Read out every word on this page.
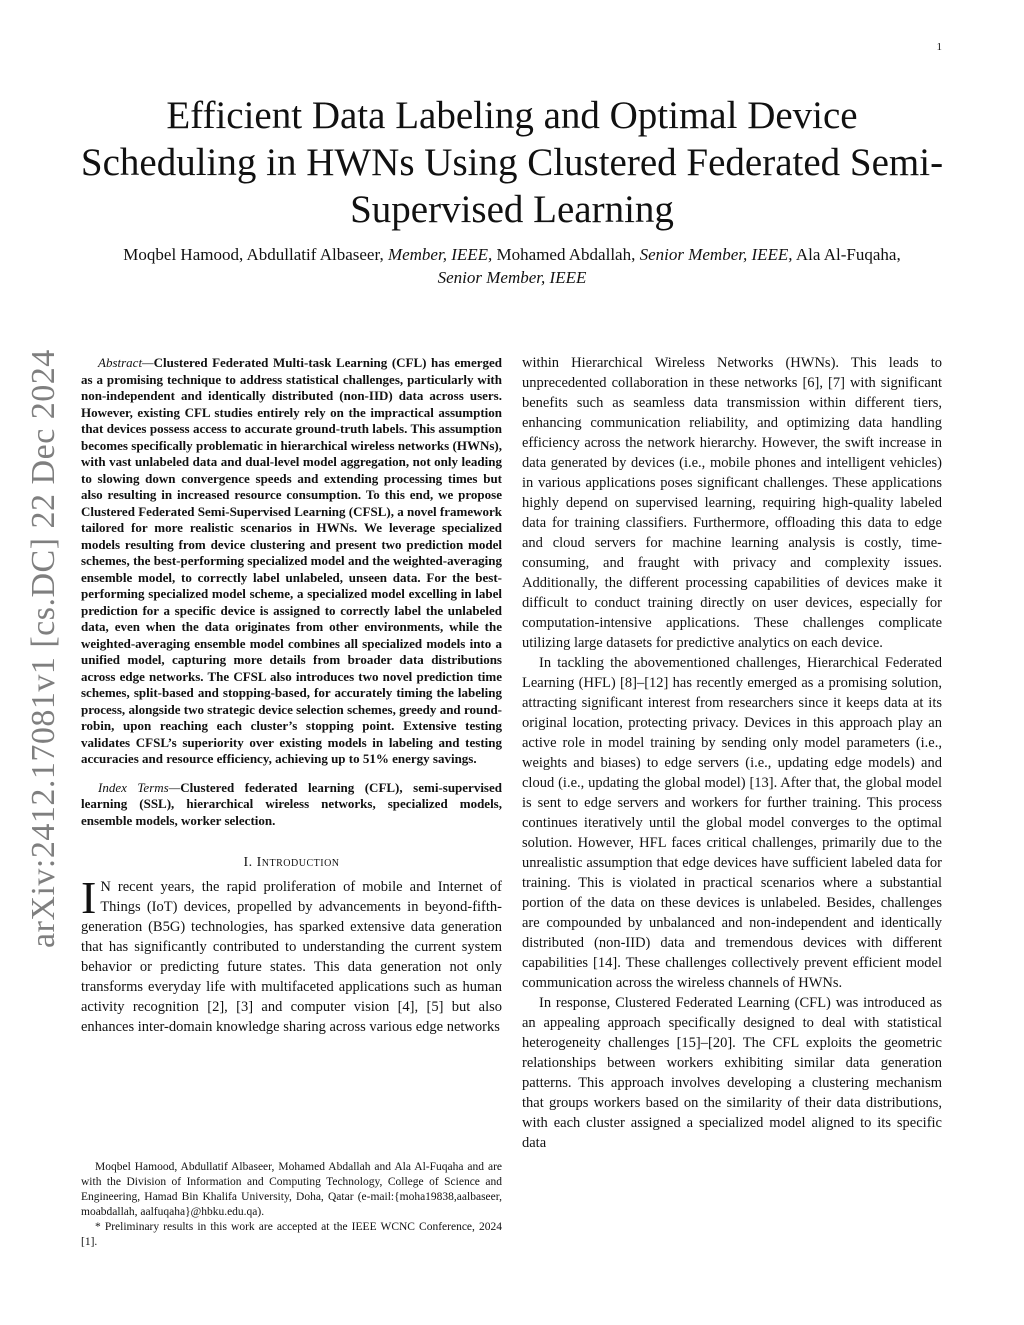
1
arXiv:2412.17081v1 [cs.DC] 22 Dec 2024
Efficient Data Labeling and Optimal Device Scheduling in HWNs Using Clustered Federated Semi-Supervised Learning
Moqbel Hamood, Abdullatif Albaseer, Member, IEEE, Mohamed Abdallah, Senior Member, IEEE, Ala Al-Fuqaha, Senior Member, IEEE

Abstract—Clustered Federated Multi-task Learning (CFL) has emerged as a promising technique to address statistical challenges, particularly with non-independent and identically distributed (non-IID) data across users. However, existing CFL studies entirely rely on the impractical assumption that devices possess access to accurate ground-truth labels. This assumption becomes specifically problematic in hierarchical wireless networks (HWNs), with vast unlabeled data and dual-level model aggregation, not only leading to slowing down convergence speeds and extending processing times but also resulting in increased resource consumption. To this end, we propose Clustered Federated Semi-Supervised Learning (CFSL), a novel framework tailored for more realistic scenarios in HWNs. We leverage specialized models resulting from device clustering and present two prediction model schemes, the best-performing specialized model and the weighted-averaging ensemble model, to correctly label unlabeled, unseen data. For the best-performing specialized model scheme, a specialized model excelling in label prediction for a specific device is assigned to correctly label the unlabeled data, even when the data originates from other environments, while the weighted-averaging ensemble model combines all specialized models into a unified model, capturing more details from broader data distributions across edge networks. The CFSL also introduces two novel prediction time schemes, split-based and stopping-based, for accurately timing the labeling process, alongside two strategic device selection schemes, greedy and round-robin, upon reaching each cluster’s stopping point. Extensive testing validates CFSL’s superiority over existing models in labeling and testing accuracies and resource efficiency, achieving up to 51% energy savings.

Index Terms—Clustered federated learning (CFL), semi-supervised learning (SSL), hierarchical wireless networks, specialized models, ensemble models, worker selection.

I. Introduction

I N recent years, the rapid proliferation of mobile and Internet of Things (IoT) devices, propelled by advancements in beyond-fifth-generation (B5G) technologies, has sparked extensive data generation that has significantly contributed to understanding the current system behavior or predicting future states. This data generation not only transforms everyday life with multifaceted applications such as human activity recognition [2], [3] and computer vision [4], [5] but also enhances inter-domain knowledge sharing across various edge networks

Moqbel Hamood, Abdullatif Albaseer, Mohamed Abdallah and Ala Al-Fuqaha and are with the Division of Information and Computing Technology, College of Science and Engineering, Hamad Bin Khalifa University, Doha, Qatar (e-mail:{moha19838,aalbaseer, moabdallah, aalfuqaha}@hbku.edu.qa).

* Preliminary results in this work are accepted at the IEEE WCNC Conference, 2024 [1].

within Hierarchical Wireless Networks (HWNs). This leads to unprecedented collaboration in these networks [6], [7] with significant benefits such as seamless data transmission within different tiers, enhancing communication reliability, and optimizing data handling efficiency across the network hierarchy. However, the swift increase in data generated by devices (i.e., mobile phones and intelligent vehicles) in various applications poses significant challenges. These applications highly depend on supervised learning, requiring high-quality labeled data for training classifiers. Furthermore, offloading this data to edge and cloud servers for machine learning analysis is costly, time-consuming, and fraught with privacy and complexity issues. Additionally, the different processing capabilities of devices make it difficult to conduct training directly on user devices, especially for computation-intensive applications. These challenges complicate utilizing large datasets for predictive analytics on each device.

In tackling the abovementioned challenges, Hierarchical Federated Learning (HFL) [8]–[12] has recently emerged as a promising solution, attracting significant interest from researchers since it keeps data at its original location, protecting privacy. Devices in this approach play an active role in model training by sending only model parameters (i.e., weights and biases) to edge servers (i.e., updating edge models) and cloud (i.e., updating the global model) [13]. After that, the global model is sent to edge servers and workers for further training. This process continues iteratively until the global model converges to the optimal solution. However, HFL faces critical challenges, primarily due to the unrealistic assumption that edge devices have sufficient labeled data for training. This is violated in practical scenarios where a substantial portion of the data on these devices is unlabeled. Besides, challenges are compounded by unbalanced and non-independent and identically distributed (non-IID) data and tremendous devices with different capabilities [14]. These challenges collectively prevent efficient model communication across the wireless channels of HWNs.

In response, Clustered Federated Learning (CFL) was introduced as an appealing approach specifically designed to deal with statistical heterogeneity challenges [15]–[20]. The CFL exploits the geometric relationships between workers exhibiting similar data generation patterns. This approach involves developing a clustering mechanism that groups workers based on the similarity of their data distributions, with each cluster assigned a specialized model aligned to its specific data
